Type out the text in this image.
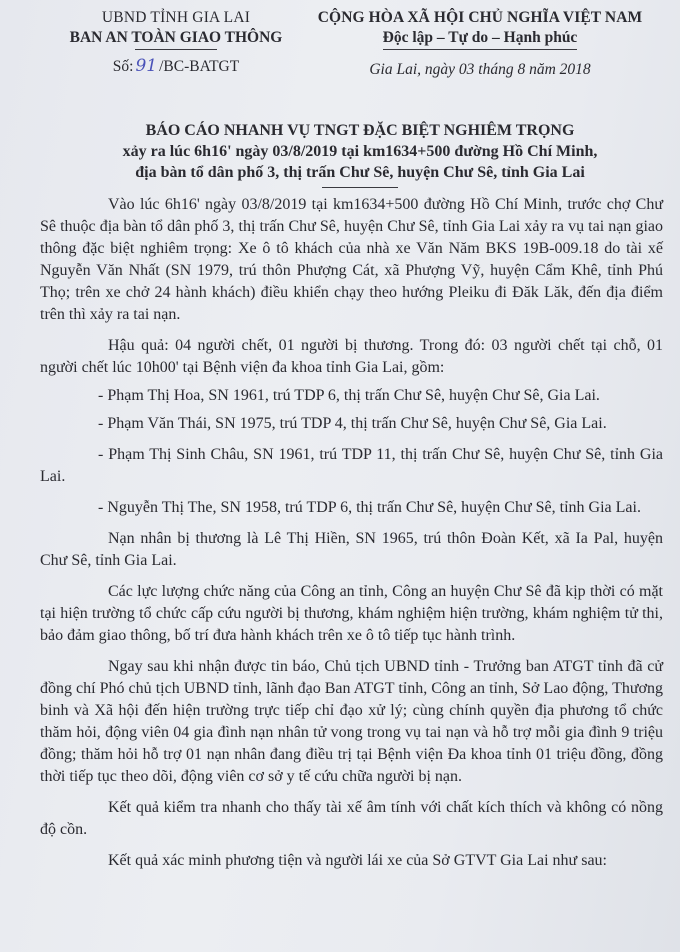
UBND TỈNH GIA LAI
BAN AN TOÀN GIAO THÔNG
Số: 91 /BC-BATGT
CỘNG HÒA XÃ HỘI CHỦ NGHĨA VIỆT NAM
Độc lập – Tự do – Hạnh phúc
Gia Lai, ngày 03 tháng 8 năm 2018
BÁO CÁO NHANH VỤ TNGT ĐẶC BIỆT NGHIÊM TRỌNG
xảy ra lúc 6h16' ngày 03/8/2019 tại km1634+500 đường Hồ Chí Minh,
địa bàn tổ dân phố 3, thị trấn Chư Sê, huyện Chư Sê, tỉnh Gia Lai

Vào lúc 6h16' ngày 03/8/2019 tại km1634+500 đường Hồ Chí Minh, trước chợ Chư Sê thuộc địa bàn tổ dân phố 3, thị trấn Chư Sê, huyện Chư Sê, tỉnh Gia Lai xảy ra vụ tai nạn giao thông đặc biệt nghiêm trọng: Xe ô tô khách của nhà xe Văn Năm BKS 19B-009.18 do tài xế Nguyễn Văn Nhất (SN 1979, trú thôn Phượng Cát, xã Phượng Vỹ, huyện Cẩm Khê, tỉnh Phú Thọ; trên xe chở 24 hành khách) điều khiển chạy theo hướng Pleiku đi Đăk Lăk, đến địa điểm trên thì xảy ra tai nạn.

Hậu quả: 04 người chết, 01 người bị thương. Trong đó: 03 người chết tại chỗ, 01 người chết lúc 10h00' tại Bệnh viện đa khoa tỉnh Gia Lai, gồm:

- Phạm Thị Hoa, SN 1961, trú TDP 6, thị trấn Chư Sê, huyện Chư Sê, Gia Lai.

- Phạm Văn Thái, SN 1975, trú TDP 4, thị trấn Chư Sê, huyện Chư Sê, Gia Lai.

- Phạm Thị Sinh Châu, SN 1961, trú TDP 11, thị trấn Chư Sê, huyện Chư Sê, tỉnh Gia Lai.

- Nguyễn Thị The, SN 1958, trú TDP 6, thị trấn Chư Sê, huyện Chư Sê, tỉnh Gia Lai.

Nạn nhân bị thương là Lê Thị Hiền, SN 1965, trú thôn Đoàn Kết, xã Ia Pal, huyện Chư Sê, tỉnh Gia Lai.

Các lực lượng chức năng của Công an tỉnh, Công an huyện Chư Sê đã kịp thời có mặt tại hiện trường tổ chức cấp cứu người bị thương, khám nghiệm hiện trường, khám nghiệm tử thi, bảo đảm giao thông, bố trí đưa hành khách trên xe ô tô tiếp tục hành trình.

Ngay sau khi nhận được tin báo, Chủ tịch UBND tỉnh - Trưởng ban ATGT tỉnh đã cử đồng chí Phó chủ tịch UBND tỉnh, lãnh đạo Ban ATGT tỉnh, Công an tỉnh, Sở Lao động, Thương binh và Xã hội đến hiện trường trực tiếp chỉ đạo xử lý; cùng chính quyền địa phương tổ chức thăm hỏi, động viên 04 gia đình nạn nhân tử vong trong vụ tai nạn và hỗ trợ mỗi gia đình 9 triệu đồng; thăm hỏi hỗ trợ 01 nạn nhân đang điều trị tại Bệnh viện Đa khoa tỉnh 01 triệu đồng, đồng thời tiếp tục theo dõi, động viên cơ sở y tế cứu chữa người bị nạn.

Kết quả kiểm tra nhanh cho thấy tài xế âm tính với chất kích thích và không có nồng độ cồn.

Kết quả xác minh phương tiện và người lái xe của Sở GTVT Gia Lai như sau:
